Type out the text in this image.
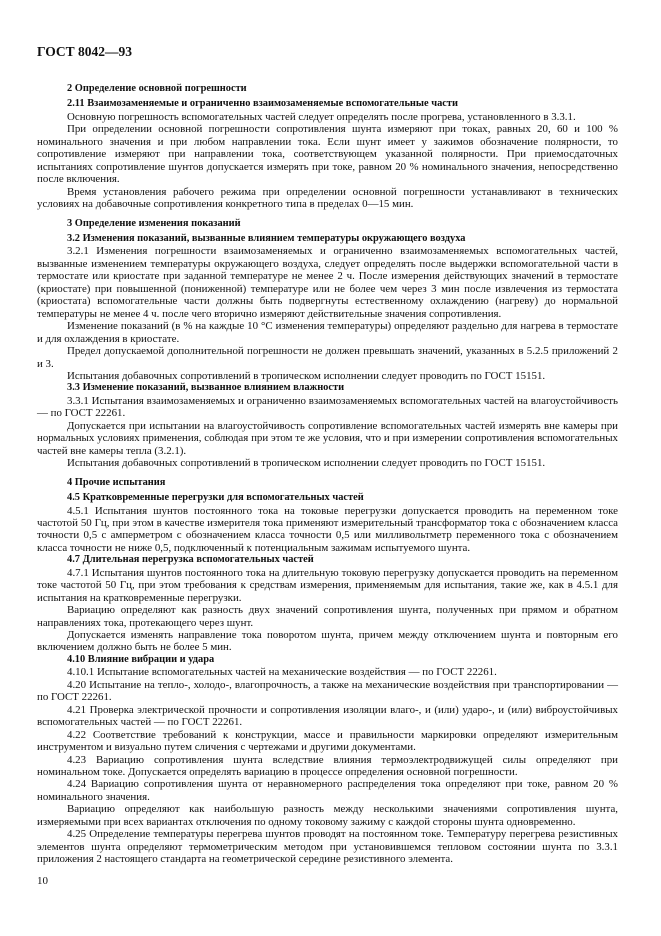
ГОСТ 8042—93
2 Определение основной погрешности
2.11 Взаимозаменяемые и ограниченно взаимозаменяемые вспомогательные части
Основную погрешность вспомогательных частей следует определять после прогрева, установленного в 3.3.1.
При определении основной погрешности сопротивления шунта измеряют при токах, равных 20, 60 и 100 % номинального значения и при любом направлении тока. Если шунт имеет у зажимов обозначение полярности, то сопротивление измеряют при направлении тока, соответствующем указанной полярности. При приемосдаточных испытаниях сопротивление шунтов допускается измерять при токе, равном 20 % номинального значения, непосредственно после включения.
Время установления рабочего режима при определении основной погрешности устанавливают в технических условиях на добавочные сопротивления конкретного типа в пределах 0—15 мин.
3 Определение изменения показаний
3.2 Изменения показаний, вызванные влиянием температуры окружающего воздуха
3.2.1 Изменения погрешности взаимозаменяемых и ограниченно взаимозаменяемых вспомогательных частей, вызванные изменением температуры окружающего воздуха, следует определять после выдержки вспомогательной части в термостате или криостате при заданной температуре не менее 2 ч. После измерения действующих значений в термостате (криостате) при повышенной (пониженной) температуре или не более чем через 3 мин после извлечения из термостата (криостата) вспомогательные части должны быть подвергнуты естественному охлаждению (нагреву) до нормальной температуры не менее 4 ч. после чего вторично измеряют действительные значения сопротивления.
Изменение показаний (в % на каждые 10 °С изменения температуры) определяют раздельно для нагрева в термостате и для охлаждения в криостате.
Предел допускаемой дополнительной погрешности не должен превышать значений, указанных в 5.2.5 приложений 2 и 3.
Испытания добавочных сопротивлений в тропическом исполнении следует проводить по ГОСТ 15151.
3.3 Изменение показаний, вызванное влиянием влажности
3.3.1 Испытания взаимозаменяемых и ограниченно взаимозаменяемых вспомогательных частей на влагоустойчивость — по ГОСТ 22261.
Допускается при испытании на влагоустойчивость сопротивление вспомогательных частей измерять вне камеры при нормальных условиях применения, соблюдая при этом те же условия, что и при измерении сопротивления вспомогательных частей вне камеры тепла (3.2.1).
Испытания добавочных сопротивлений в тропическом исполнении следует проводить по ГОСТ 15151.
4 Прочие испытания
4.5 Кратковременные перегрузки для вспомогательных частей
4.5.1 Испытания шунтов постоянного тока на токовые перегрузки допускается проводить на переменном токе частотой 50 Гц, при этом в качестве измерителя тока применяют измерительный трансформатор тока с обозначением класса точности 0,5 с амперметром с обозначением класса точности 0,5 или милливольтметр переменного тока с обозначением класса точности не ниже 0,5, подключенный к потенциальным зажимам испытуемого шунта.
4.7 Длительная перегрузка вспомогательных частей
4.7.1 Испытания шунтов постоянного тока на длительную токовую перегрузку допускается проводить на переменном токе частотой 50 Гц, при этом требования к средствам измерения, применяемым для испытания, такие же, как в 4.5.1 для испытания на кратковременные перегрузки.
Вариацию определяют как разность двух значений сопротивления шунта, полученных при прямом и обратном направлениях тока, протекающего через шунт.
Допускается изменять направление тока поворотом шунта, причем между отключением шунта и повторным его включением должно быть не более 5 мин.
4.10 Влияние вибрации и удара
4.10.1 Испытание вспомогательных частей на механические воздействия — по ГОСТ 22261.
4.20 Испытание на тепло-, холодо-, влагопрочность, а также на механические воздействия при транспортировании — по ГОСТ 22261.
4.21 Проверка электрической прочности и сопротивления изоляции влаго-, и (или) ударо-, и (или) виброустойчивых вспомогательных частей — по ГОСТ 22261.
4.22 Соответствие требований к конструкции, массе и правильности маркировки определяют измерительным инструментом и визуально путем сличения с чертежами и другими документами.
4.23 Вариацию сопротивления шунта вследствие влияния термоэлектродвижущей силы определяют при номинальном токе. Допускается определять вариацию в процессе определения основной погрешности.
4.24 Вариацию сопротивления шунта от неравномерного распределения тока определяют при токе, равном 20 % номинального значения.
Вариацию определяют как наибольшую разность между несколькими значениями сопротивления шунта, измеряемыми при всех вариантах отключения по одному токовому зажиму с каждой стороны шунта одновременно.
4.25 Определение температуры перегрева шунтов проводят на постоянном токе. Температуру перегрева резистивных элементов шунта определяют термометрическим методом при установившемся тепловом состоянии шунта по 3.3.1 приложения 2 настоящего стандарта на геометрической середине резистивного элемента.
10
